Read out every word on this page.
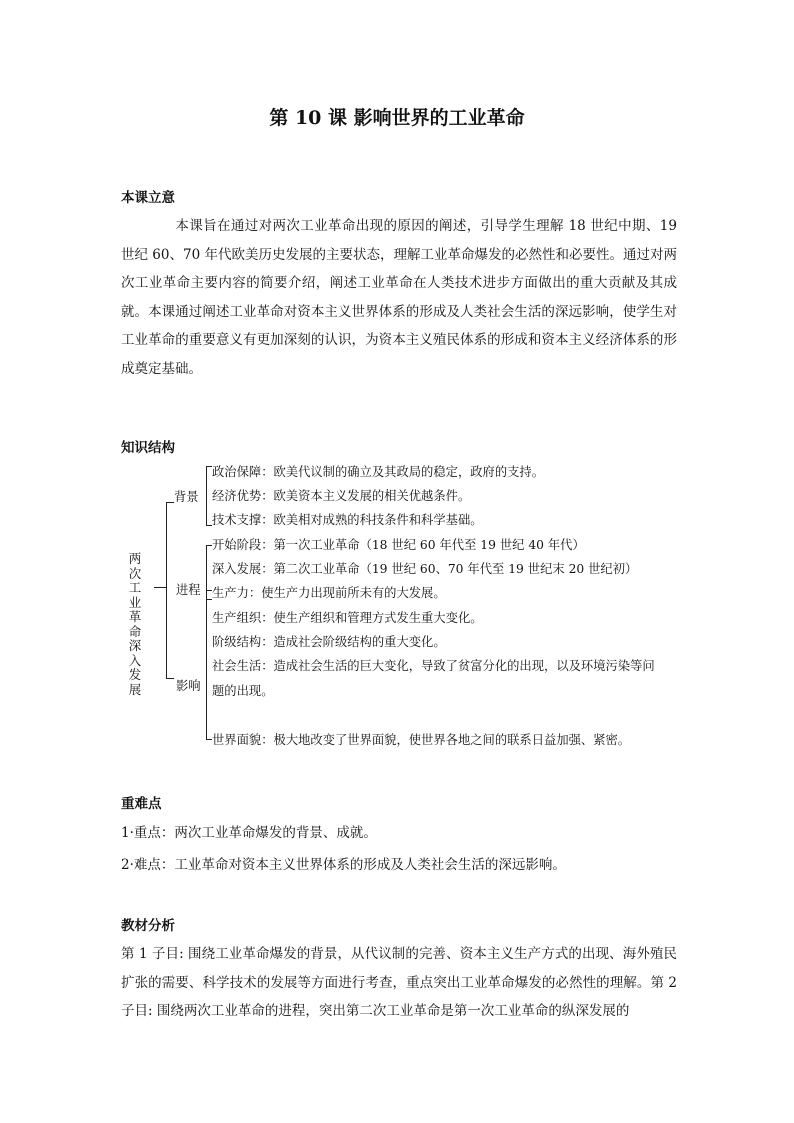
第 10 课 影响世界的工业革命
本课立意
本课旨在通过对两次工业革命出现的原因的阐述，引导学生理解 18 世纪中期、19 世纪 60、70 年代欧美历史发展的主要状态，理解工业革命爆发的必然性和必要性。通过对两次工业革命主要内容的简要介绍，阐述工业革命在人类技术进步方面做出的重大贡献及其成就。本课通过阐述工业革命对资本主义世界体系的形成及人类社会生活的深远影响，使学生对工业革命的重要意义有更加深刻的认识，为资本主义殖民体系的形成和资本主义经济体系的形成奠定基础。
知识结构
两次工业革命深入发展
背景
进程
影响
政治保障：欧美代议制的确立及其政局的稳定，政府的支持。
经济优势：欧美资本主义发展的相关优越条件。
技术支撑：欧美相对成熟的科技条件和科学基础。
开始阶段：第一次工业革命（18 世纪 60 年代至 19 世纪 40 年代）
深入发展：第二次工业革命（19 世纪 60、70 年代至 19 世纪末 20 世纪初）
生产力：使生产力出现前所未有的大发展。
生产组织：使生产组织和管理方式发生重大变化。
阶级结构：造成社会阶级结构的重大变化。
社会生活：造成社会生活的巨大变化，导致了贫富分化的出现，以及环境污染等问
题的出现。
世界面貌：极大地改变了世界面貌，使世界各地之间的联系日益加强、紧密。
重难点
1·重点：两次工业革命爆发的背景、成就。
2·难点：工业革命对资本主义世界体系的形成及人类社会生活的深远影响。
教材分析
第 1 子目: 围绕工业革命爆发的背景，从代议制的完善、资本主义生产方式的出现、海外殖民扩张的需要、科学技术的发展等方面进行考查，重点突出工业革命爆发的必然性的理解。第 2 子目: 围绕两次工业革命的进程，突出第二次工业革命是第一次工业革命的纵深发展的
